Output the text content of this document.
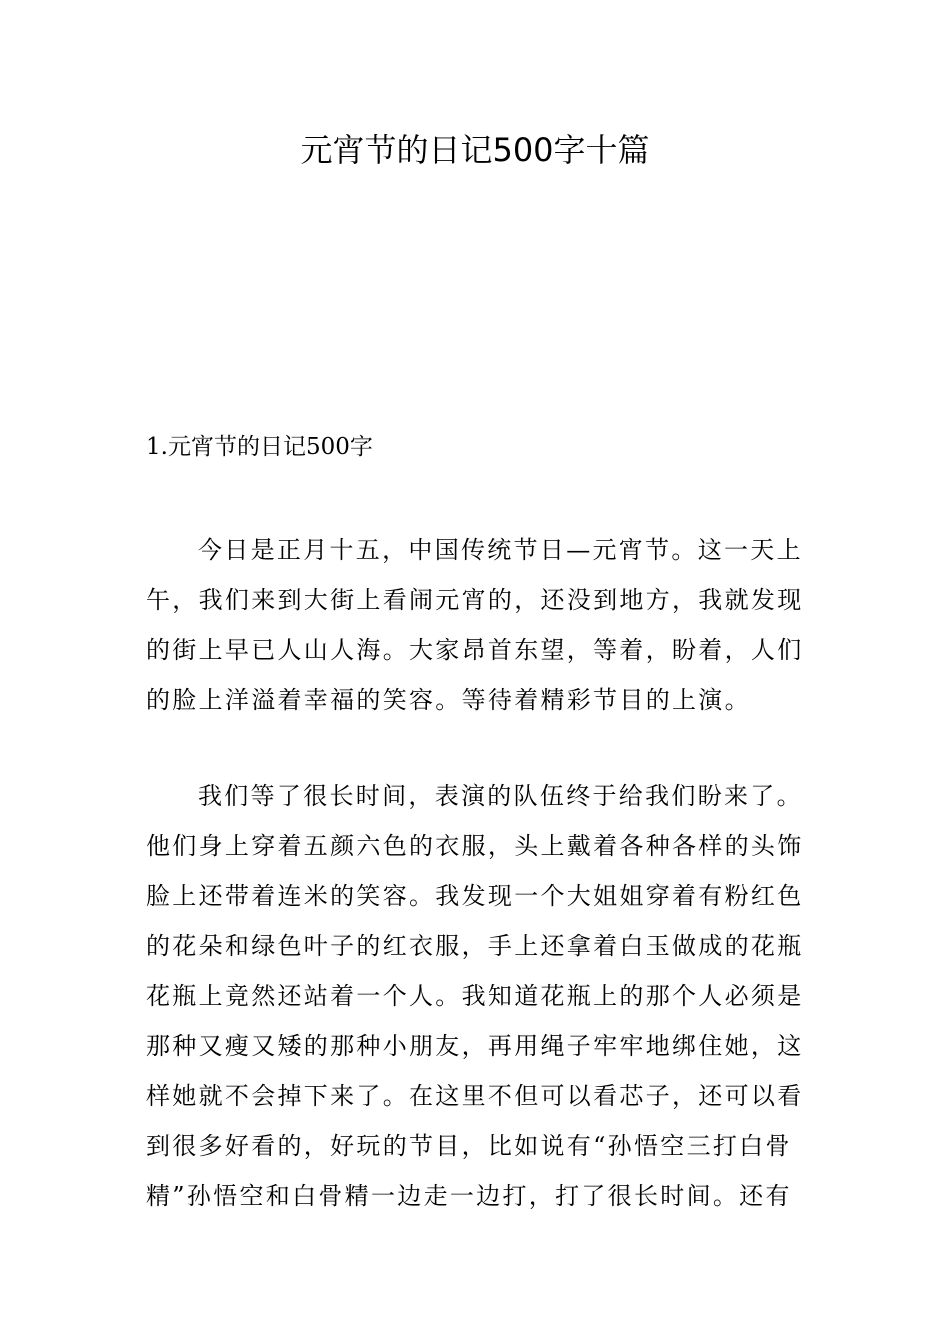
元宵节的日记500字十篇
1.元宵节的日记500字

今日是正月十五，中国传统节日—元宵节。这一天上
午，我们来到大街上看闹元宵的，还没到地方，我就发现
的街上早已人山人海。大家昂首东望，等着，盼着，人们
的脸上洋溢着幸福的笑容。等待着精彩节目的上演。

我们等了很长时间，表演的队伍终于给我们盼来了。
他们身上穿着五颜六色的衣服，头上戴着各种各样的头饰
脸上还带着连米的笑容。我发现一个大姐姐穿着有粉红色
的花朵和绿色叶子的红衣服，手上还拿着白玉做成的花瓶
花瓶上竟然还站着一个人。我知道花瓶上的那个人必须是
那种又瘦又矮的那种小朋友，再用绳子牢牢地绑住她，这
样她就不会掉下来了。在这里不但可以看芯子，还可以看
到很多好看的，好玩的节目，比如说有“孙悟空三打白骨
精”孙悟空和白骨精一边走一边打，打了很长时间。还有
